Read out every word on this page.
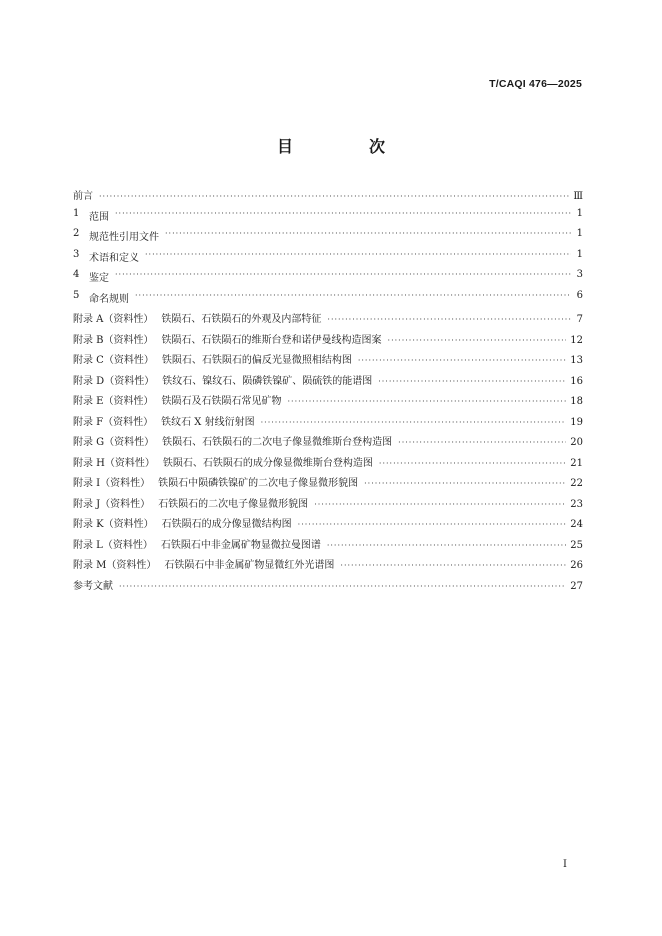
T/CAQI 476—2025
目　次
前言 ·····	Ⅲ
1 范围 ·····	1
2 规范性引用文件 ·····	1
3 术语和定义 ·····	1
4 鉴定 ·····	3
5 命名规则 ·····	6
附录 A（资料性） 铁陨石、石铁陨石的外观及内部特征 ·····	7
附录 B（资料性） 铁陨石、石铁陨石的维斯台登和诺伊曼线构造图案 ·····	12
附录 C（资料性） 铁陨石、石铁陨石的偏反光显微照相结构图 ·····	13
附录 D（资料性） 铁纹石、镍纹石、陨磷铁镍矿、陨硫铁的能谱图 ·····	16
附录 E（资料性） 铁陨石及石铁陨石常见矿物 ·····	18
附录 F（资料性） 铁纹石 X 射线衍射图 ·····	19
附录 G（资料性） 铁陨石、石铁陨石的二次电子像显微维斯台登构造图 ·····	20
附录 H（资料性） 铁陨石、石铁陨石的成分像显微维斯台登构造图 ·····	21
附录 I（资料性） 铁陨石中陨磷铁镍矿的二次电子像显微形貌图 ·····	22
附录 J（资料性） 石铁陨石的二次电子像显微形貌图 ·····	23
附录 K（资料性） 石铁陨石的成分像显微结构图 ·····	24
附录 L（资料性） 石铁陨石中非金属矿物显微拉曼图谱 ·····	25
附录 M（资料性） 石铁陨石中非金属矿物显微红外光谱图 ·····	26
参考文献 ·····	27
I
